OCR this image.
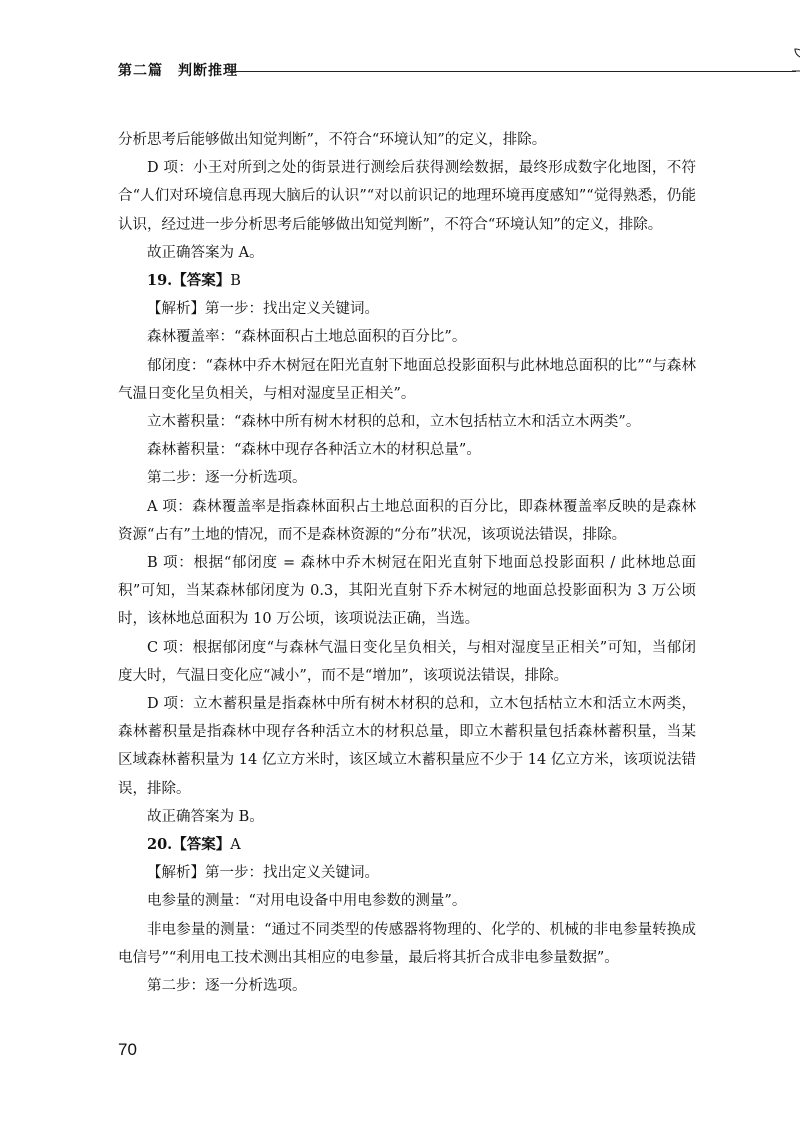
第二篇　判断推理

分析思考后能够做出知觉判断”，不符合“环境认知”的定义，排除。

D 项：小王对所到之处的街景进行测绘后获得测绘数据，最终形成数字化地图，不符合“人们对环境信息再现大脑后的认识”“对以前识记的地理环境再度感知”“觉得熟悉，仍能认识，经过进一步分析思考后能够做出知觉判断”，不符合“环境认知”的定义，排除。

故正确答案为 A。

19.【答案】B

【解析】第一步：找出定义关键词。

森林覆盖率：“森林面积占土地总面积的百分比”。

郁闭度：“森林中乔木树冠在阳光直射下地面总投影面积与此林地总面积的比”“与森林气温日变化呈负相关，与相对湿度呈正相关”。

立木蓄积量：“森林中所有树木材积的总和，立木包括枯立木和活立木两类”。

森林蓄积量：“森林中现存各种活立木的材积总量”。

第二步：逐一分析选项。

A 项：森林覆盖率是指森林面积占土地总面积的百分比，即森林覆盖率反映的是森林资源“占有”土地的情况，而不是森林资源的“分布”状况，该项说法错误，排除。

B 项：根据“郁闭度 = 森林中乔木树冠在阳光直射下地面总投影面积 / 此林地总面积”可知，当某森林郁闭度为 0.3，其阳光直射下乔木树冠的地面总投影面积为 3 万公顷时，该林地总面积为 10 万公顷，该项说法正确，当选。

C 项：根据郁闭度“与森林气温日变化呈负相关，与相对湿度呈正相关”可知，当郁闭度大时，气温日变化应“减小”，而不是“增加”，该项说法错误，排除。

D 项：立木蓄积量是指森林中所有树木材积的总和，立木包括枯立木和活立木两类，森林蓄积量是指森林中现存各种活立木的材积总量，即立木蓄积量包括森林蓄积量，当某区域森林蓄积量为 14 亿立方米时，该区域立木蓄积量应不少于 14 亿立方米，该项说法错误，排除。

故正确答案为 B。

20.【答案】A

【解析】第一步：找出定义关键词。

电参量的测量：“对用电设备中用电参数的测量”。

非电参量的测量：“通过不同类型的传感器将物理的、化学的、机械的非电参量转换成电信号”“利用电工技术测出其相应的电参量，最后将其折合成非电参量数据”。

第二步：逐一分析选项。

70
